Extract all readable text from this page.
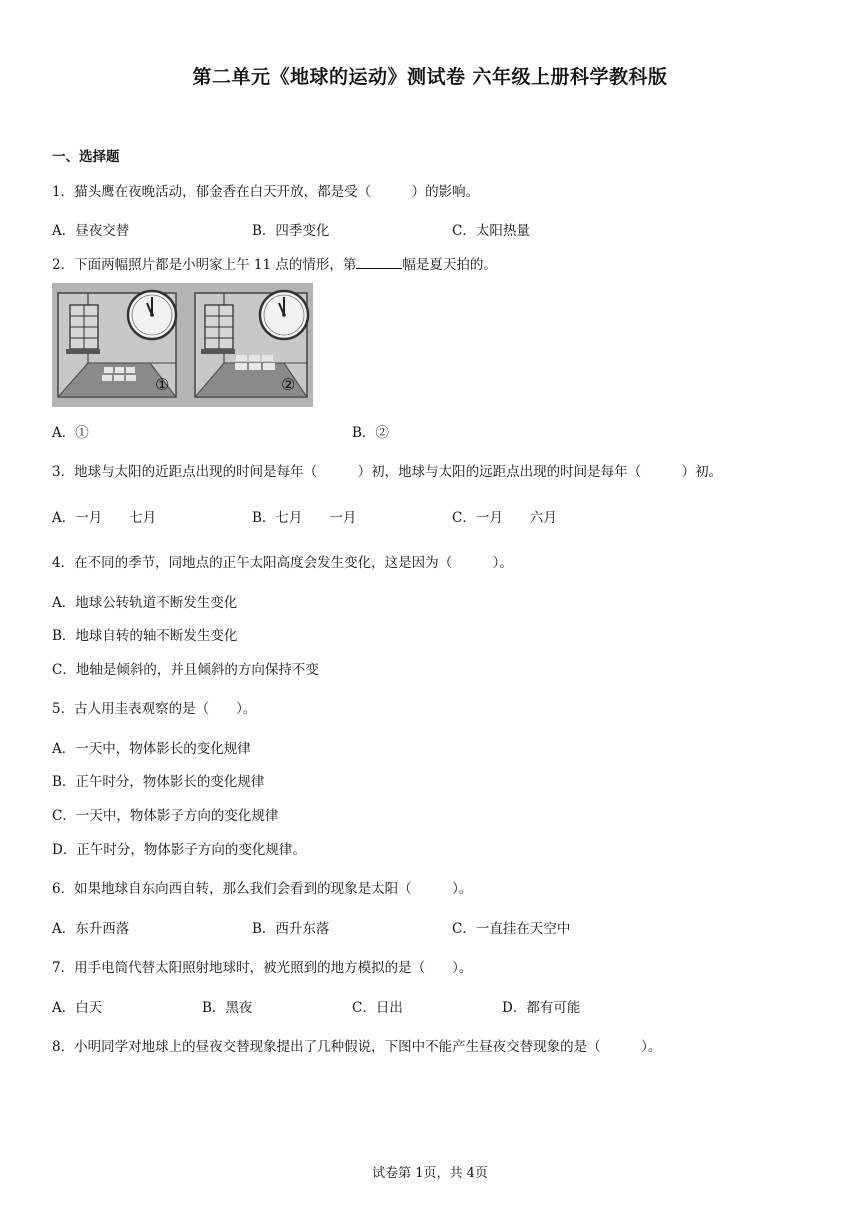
第二单元《地球的运动》测试卷 六年级上册科学教科版
一、选择题
1．猫头鹰在夜晚活动，郁金香在白天开放，都是受（　　　）的影响。
A．昼夜交替	B．四季变化	C．太阳热量
2．下面两幅照片都是小明家上午 11 点的情形，第	幅是夏天拍的。
①	②
A．①	B．②
3．地球与太阳的近距点出现的时间是每年（　　　）初，地球与太阳的远距点出现的时间是每年（　　　）初。
A．一月　　七月	B．七月　　一月	C．一月　　六月
4．在不同的季节，同地点的正午太阳高度会发生变化，这是因为（　　　）。
A．地球公转轨道不断发生变化
B．地球自转的轴不断发生变化
C．地轴是倾斜的，并且倾斜的方向保持不变
5．古人用圭表观察的是（　　）。
A．一天中，物体影长的变化规律
B．正午时分，物体影长的变化规律
C．一天中，物体影子方向的变化规律
D．正午时分，物体影子方向的变化规律。
6．如果地球自东向西自转，那么我们会看到的现象是太阳（　　　）。
A．东升西落	B．西升东落	C．一直挂在天空中
7．用手电筒代替太阳照射地球时，被光照到的地方模拟的是（　　）。
A．白天	B．黑夜	C．日出	D．都有可能
8．小明同学对地球上的昼夜交替现象提出了几种假说，下图中不能产生昼夜交替现象的是（　　　）。
试卷第 1页，共 4页
